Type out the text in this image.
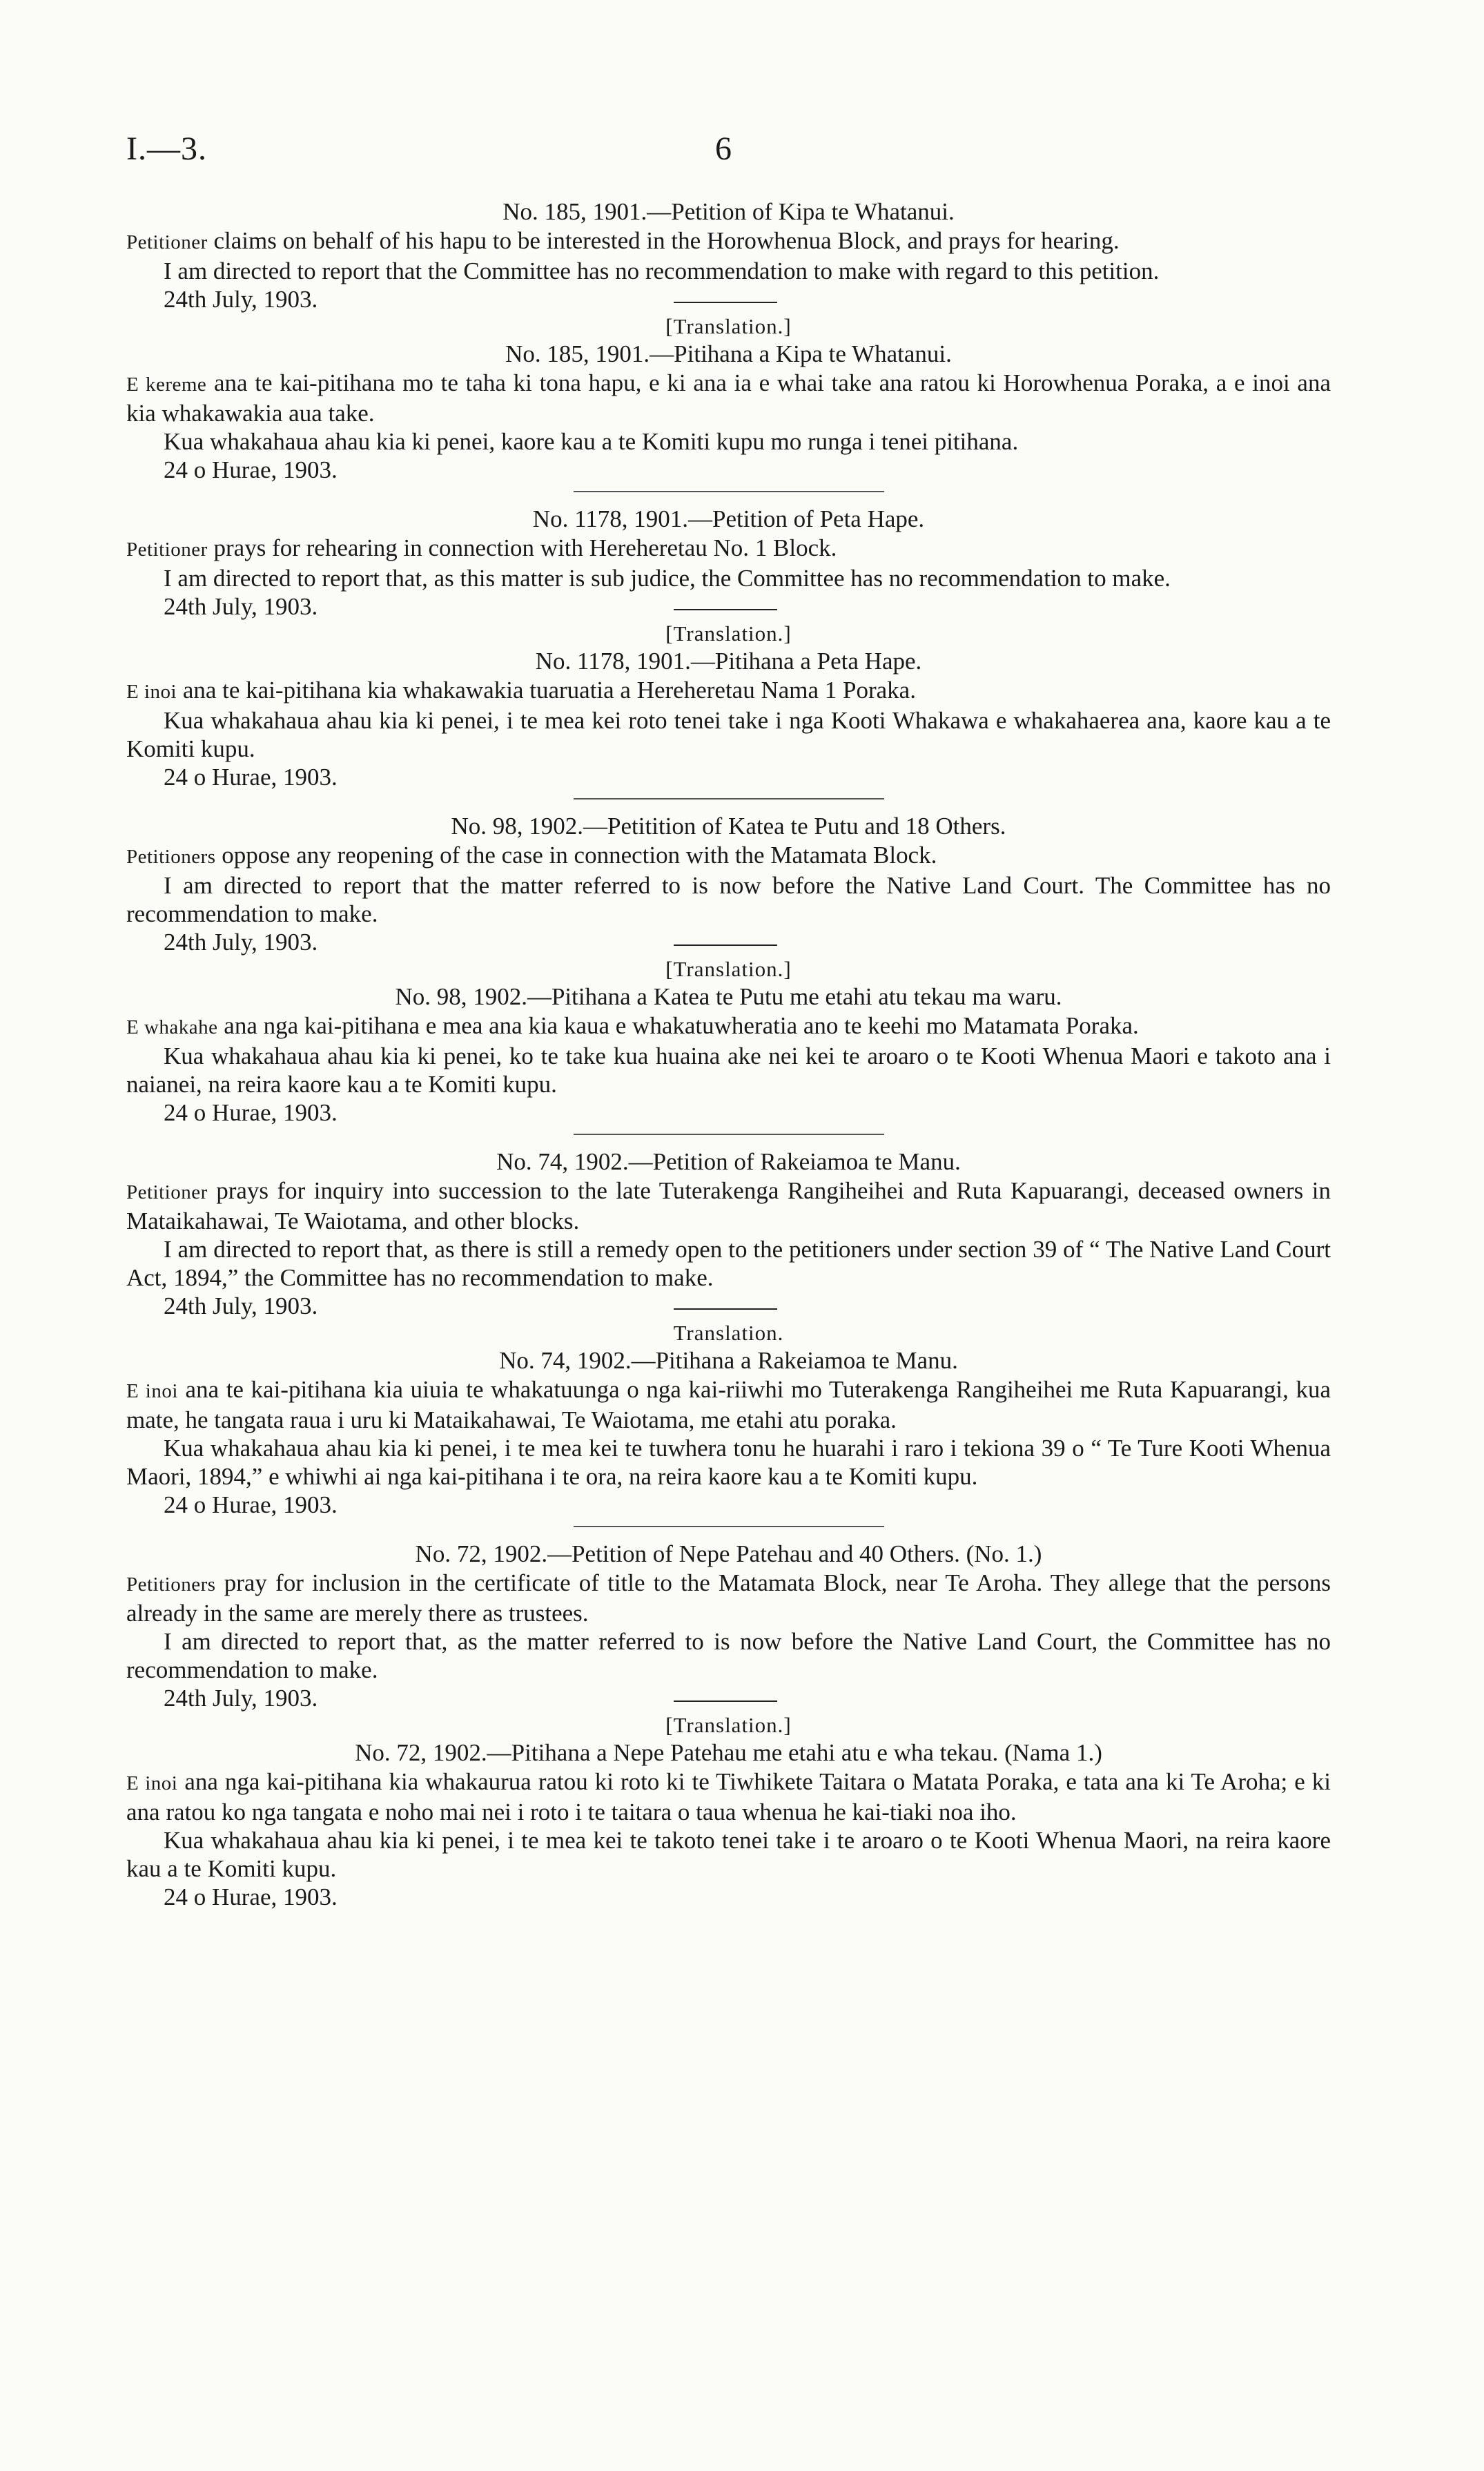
I.—3.	6
No. 185, 1901.—Petition of Kipa te Whatanui.

Petitioner claims on behalf of his hapu to be interested in the Horowhenua Block, and prays for hearing.

I am directed to report that the Committee has no recommendation to make with regard to this petition.

24th July, 1903.
[Translation.]
No. 185, 1901.—Pitihana a Kipa te Whatanui.

E kereme ana te kai-pitihana mo te taha ki tona hapu, e ki ana ia e whai take ana ratou ki Horowhenua Poraka, a e inoi ana kia whakawakia aua take.

Kua whakahaua ahau kia ki penei, kaore kau a te Komiti kupu mo runga i tenei pitihana.

24 o Hurae, 1903.
No. 1178, 1901.—Petition of Peta Hape.

Petitioner prays for rehearing in connection with Hereheretau No. 1 Block.

I am directed to report that, as this matter is sub judice, the Committee has no recommendation to make.

24th July, 1903.
[Translation.]
No. 1178, 1901.—Pitihana a Peta Hape.

E inoi ana te kai-pitihana kia whakawakia tuaruatia a Hereheretau Nama 1 Poraka.

Kua whakahaua ahau kia ki penei, i te mea kei roto tenei take i nga Kooti Whakawa e whakahaerea ana, kaore kau a te Komiti kupu.

24 o Hurae, 1903.
No. 98, 1902.—Petitition of Katea te Putu and 18 Others.

Petitioners oppose any reopening of the case in connection with the Matamata Block.

I am directed to report that the matter referred to is now before the Native Land Court. The Committee has no recommendation to make.

24th July, 1903.
[Translation.]
No. 98, 1902.—Pitihana a Katea te Putu me etahi atu tekau ma waru.

E whakahe ana nga kai-pitihana e mea ana kia kaua e whakatuwheratia ano te keehi mo Matamata Poraka.

Kua whakahaua ahau kia ki penei, ko te take kua huaina ake nei kei te aroaro o te Kooti Whenua Maori e takoto ana i naianei, na reira kaore kau a te Komiti kupu.

24 o Hurae, 1903.
No. 74, 1902.—Petition of Rakeiamoa te Manu.

Petitioner prays for inquiry into succession to the late Tuterakenga Rangiheihei and Ruta Kapuarangi, deceased owners in Mataikahawai, Te Waiotama, and other blocks.

I am directed to report that, as there is still a remedy open to the petitioners under section 39 of “ The Native Land Court Act, 1894,” the Committee has no recommendation to make.

24th July, 1903.
Translation.
No. 74, 1902.—Pitihana a Rakeiamoa te Manu.

E inoi ana te kai-pitihana kia uiuia te whakatuunga o nga kai-riiwhi mo Tuterakenga Rangiheihei me Ruta Kapuarangi, kua mate, he tangata raua i uru ki Mataikahawai, Te Waiotama, me etahi atu poraka.

Kua whakahaua ahau kia ki penei, i te mea kei te tuwhera tonu he huarahi i raro i tekiona 39 o “ Te Ture Kooti Whenua Maori, 1894,” e whiwhi ai nga kai-pitihana i te ora, na reira kaore kau a te Komiti kupu.

24 o Hurae, 1903.
No. 72, 1902.—Petition of Nepe Patehau and 40 Others. (No. 1.)

Petitioners pray for inclusion in the certificate of title to the Matamata Block, near Te Aroha. They allege that the persons already in the same are merely there as trustees.

I am directed to report that, as the matter referred to is now before the Native Land Court, the Committee has no recommendation to make.

24th July, 1903.
[Translation.]
No. 72, 1902.—Pitihana a Nepe Patehau me etahi atu e wha tekau. (Nama 1.)

E inoi ana nga kai-pitihana kia whakaurua ratou ki roto ki te Tiwhikete Taitara o Matata Poraka, e tata ana ki Te Aroha; e ki ana ratou ko nga tangata e noho mai nei i roto i te taitara o taua whenua he kai-tiaki noa iho.

Kua whakahaua ahau kia ki penei, i te mea kei te takoto tenei take i te aroaro o te Kooti Whenua Maori, na reira kaore kau a te Komiti kupu.

24 o Hurae, 1903.
